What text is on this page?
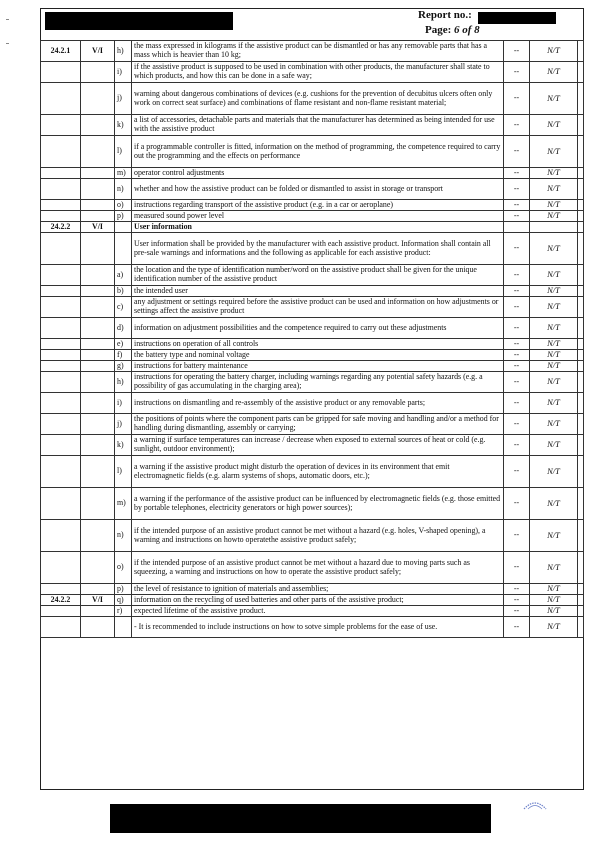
Report no.:
Page: 6 of 8
24.2.1	V/I	h)	the mass expressed in kilograms if the assistive product can be dismantled or has any removable parts that has a mass which is heavier than 10 kg;	--	N/T	
		i)	if the assistive product is supposed to be used in combination with other products, the manufacturer shall state to which products, and how this can be done in a safe way;	--	N/T	
		j)	warning about dangerous combinations of devices (e.g. cushions for the prevention of decubitus ulcers often only work on correct seat surface) and combinations of flame resistant and non-flame resistant material;	--	N/T	
		k)	a list of accessories, detachable parts and materials that the manufacturer has determined as being intended for use with the assistive product	--	N/T	
		l)	if a programmable controller is fitted, information on the method of programming, the competence required to carry out the programming and the effects on performance	--	N/T	
		m)	operator control adjustments	--	N/T	
		n)	whether and how the assistive product can be folded or dismantled to assist in storage or transport	--	N/T	
		o)	instructions regarding transport of the assistive product (e.g. in a car or aeroplane)	--	N/T	
		p)	measured sound power level	--	N/T	
24.2.2	V/I		User information			
			User information shall be provided by the manufacturer with each assistive product. Information shall contain all pre-sale warnings and informations and the following as applicable for each assistive product:	--	N/T	
		a)	the location and the type of identification number/word on the assistive product shall be given for the unique identification number of the assistive product	--	N/T	
		b)	the intended user	--	N/T	
		c)	any adjustment or settings required before the assistive product can be used and information on how adjustments or settings affect the assistive product	--	N/T	
		d)	information on adjustment possibilities and the competence required to carry out these adjustments	--	N/T	
		e)	instructions on operation of all controls	--	N/T	
		f)	the battery type and nominal voltage	--	N/T	
		g)	instructions for battery maintenance	--	N/T	
		h)	instructions for operating the battery charger, including warnings regarding any potential safety hazards (e.g. a possibility of gas accumulating in the charging area);	--	N/T	
		i)	instructions on dismantling and re-assembly of the assistive product or any removable parts;	--	N/T	
		j)	the positions of points where the component parts can be gripped for safe moving and handling and/or a method for handling during dismantling, assembly or carrying;	--	N/T	
		k)	a warning if surface temperatures can increase / decrease when exposed to external sources of heat or cold (e.g. sunlight, outdoor environment);	--	N/T	
		l)	a warning if the assistive product might disturb the operation of devices in its environment that emit electromagnetic fields (e.g. alarm systems of shops, automatic doors, etc.);	--	N/T	
		m)	a warning if the performance of the assistive product can be influenced by electromagnetic fields (e.g. those emitted by portable telephones, electricity generators or high power sources);	--	N/T	
		n)	if the intended purpose of an assistive product cannot be met without a hazard (e.g. holes, V-shaped opening), a warning and instructions on howto operatethe assistive product safely;	--	N/T	
		o)	if the intended purpose of an assistive product cannot be met without a hazard due to moving parts such as squeezing, a warning and instructions on how to operate the assistive product safely;	--	N/T	
		p)	the level of resistance to ignition of materials and assemblies;	--	N/T	
24.2.2	V/I	q)	information on the recycling of used batteries and other parts of the assistive product;	--	N/T	
		r)	expected lifetime of the assistive product.	--	N/T	
			- It is recommended to include instructions on how to sotve simple problems for the ease of use.	--	N/T	
